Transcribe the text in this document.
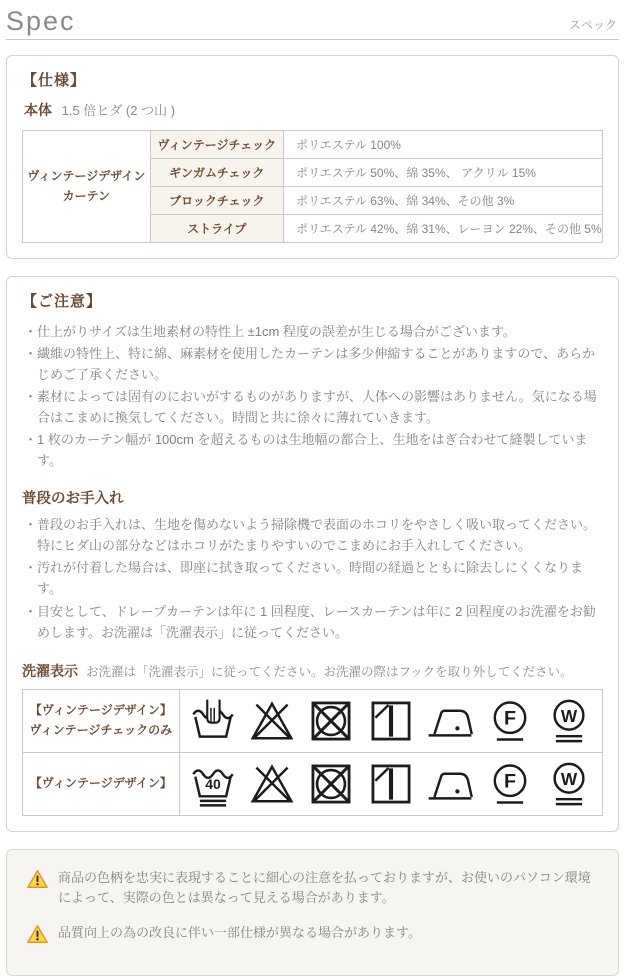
Spec	スペック
【仕様】
本体 1.5 倍ヒダ (2 つ山 )
ヴィンテージデザイン
カーテン	ヴィンテージチェック	ポリエステル 100%
	ギンガムチェック	ポリエステル 50%、綿 35%、 アクリル 15%
	ブロックチェック	ポリエステル 63%、綿 34%、その他 3%
	ストライプ	ポリエステル 42%、綿 31%、レーヨン 22%、その他 5%
【ご注意】
・ 仕上がりサイズは生地素材の特性上 ±1cm 程度の誤差が生じる場合がございます。
・ 繊維の特性上、特に綿、麻素材を使用したカーテンは多少伸縮することがありますので、あらかじめご了承ください。
・ 素材によっては固有のにおいがするものがありますが、人体への影響はありません。気になる場合はこまめに換気してください。時間と共に徐々に薄れていきます。
・ 1 枚のカーテン幅が 100cm を超えるものは生地幅の都合上、生地をはぎ合わせて縫製しています。
普段のお手入れ
・ 普段のお手入れは、生地を傷めないよう掃除機で表面のホコリをやさしく吸い取ってください。特にヒダ山の部分などはホコリがたまりやすいのでこまめにお手入れしてください。
・ 汚れが付着した場合は、即座に拭き取ってください。時間の経過とともに除去しにくくなります。
・ 目安として、ドレープカーテンは年に 1 回程度、レースカーテンは年に 2 回程度のお洗濯をお勧めします。お洗濯は「洗濯表示」に従ってください。
洗濯表示 お洗濯は「洗濯表示」に従ってください。お洗濯の際はフックを取り外してください。
【ヴィンテージデザイン】
ヴィンテージチェックのみ	F W

【ヴィンテージデザイン】	40 F W
商品の色柄を忠実に表現することに細心の注意を払っておりますが、お使いのパソコン環境によって、実際の色とは異なって見える場合があります。
品質向上の為の改良に伴い一部仕様が異なる場合があります。
